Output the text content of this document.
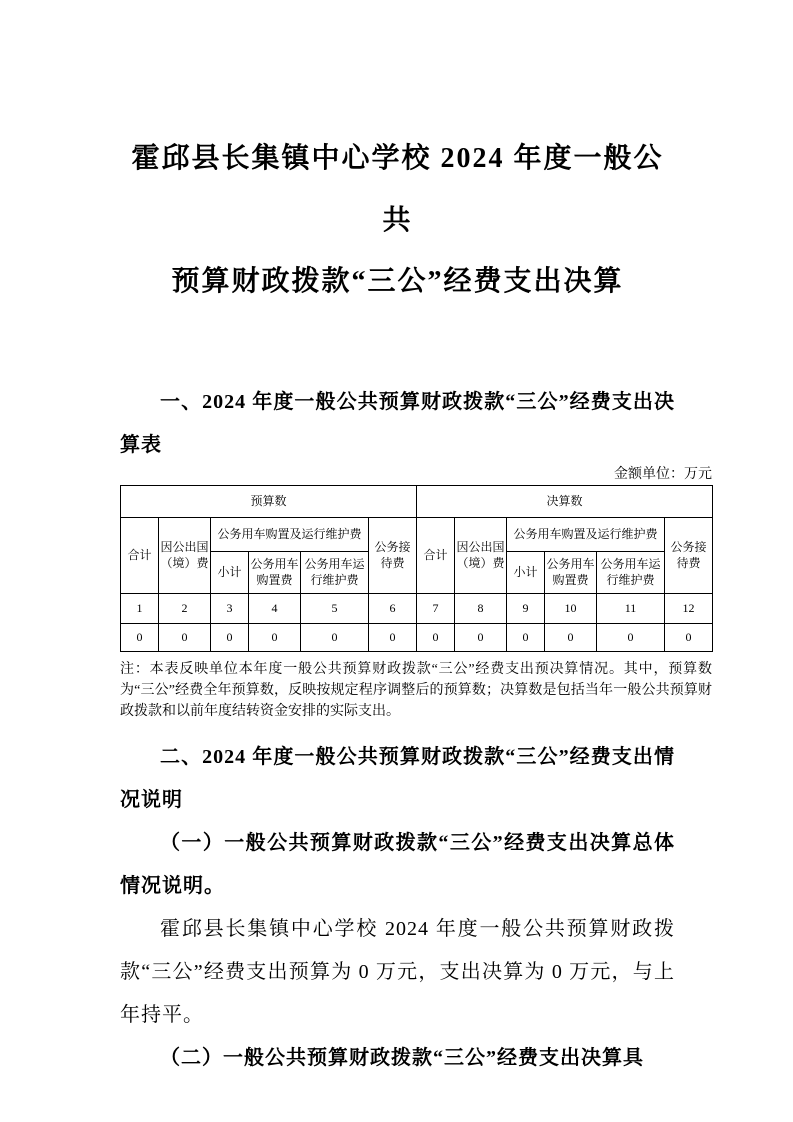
霍邱县长集镇中心学校 2024 年度一般公共
预算财政拨款“三公”经费支出决算
一、2024 年度一般公共预算财政拨款“三公”经费支出决算表
金额单位：万元
预算数						决算数					
合计	因公出国（境）费	公务用车购置及运行维护费			公务接待费	合计	因公出国（境）费	公务用车购置及运行维护费			公务接待费
		小计	公务用车购置费	公务用车运行维护费				小计	公务用车购置费	公务用车运行维护费	
1	2	3	4	5	6	7	8	9	10	11	12
0	0	0	0	0	0	0	0	0	0	0	0
注：本表反映单位本年度一般公共预算财政拨款“三公”经费支出预决算情况。其中，预算数为“三公”经费全年预算数，反映按规定程序调整后的预算数；决算数是包括当年一般公共预算财政拨款和以前年度结转资金安排的实际支出。
二、2024 年度一般公共预算财政拨款“三公”经费支出情况说明
（一）一般公共预算财政拨款“三公”经费支出决算总体情况说明。
霍邱县长集镇中心学校 2024 年度一般公共预算财政拨款“三公”经费支出预算为 0 万元，支出决算为 0 万元，与上年持平。
（二）一般公共预算财政拨款“三公”经费支出决算具
